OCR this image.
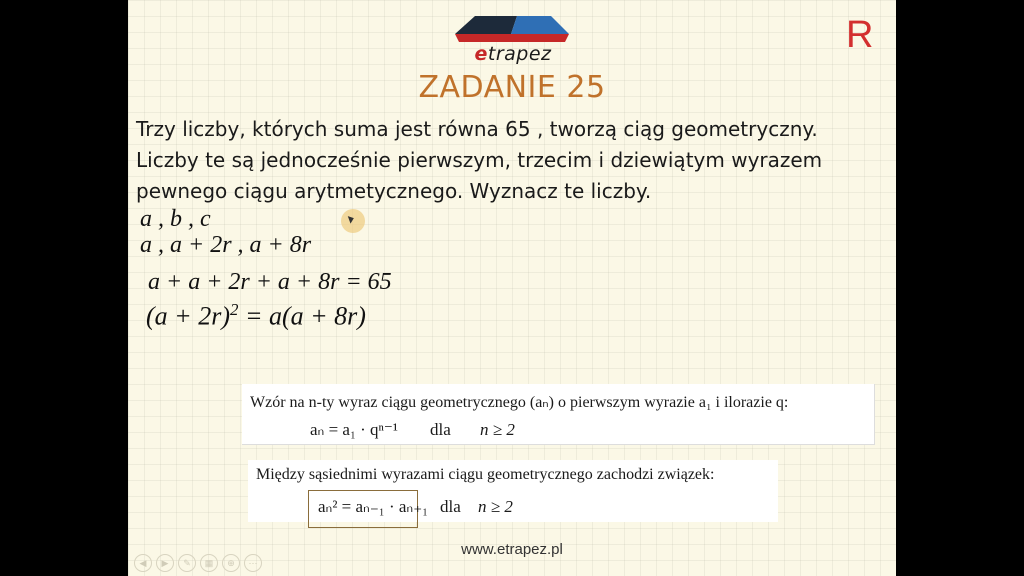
etrapez
ZADANIE 25
R
Trzy liczby, których suma jest równa 65 , tworzą ciąg geometryczny.
Liczby te są jednocześnie pierwszym, trzecim i dziewiątym wyrazem
pewnego ciągu arytmetycznego. Wyznacz te liczby.
a , b , c
a , a + 2r , a + 8r
a + a + 2r + a + 8r = 65
$(a + 2r)^2 = a(a + 8r)$
Wzór na n-ty wyraz ciągu geometrycznego (aₙ) o pierwszym wyrazie a₁ i ilorazie q:
aₙ = a₁ · qⁿ⁻¹ dla n ≥ 2
Między sąsiednimi wyrazami ciągu geometrycznego zachodzi związek:
aₙ² = aₙ₋₁ · aₙ₊₁ dla n ≥ 2
www.etrapez.pl
◀	▶	✎	▦	⊕	⋯
